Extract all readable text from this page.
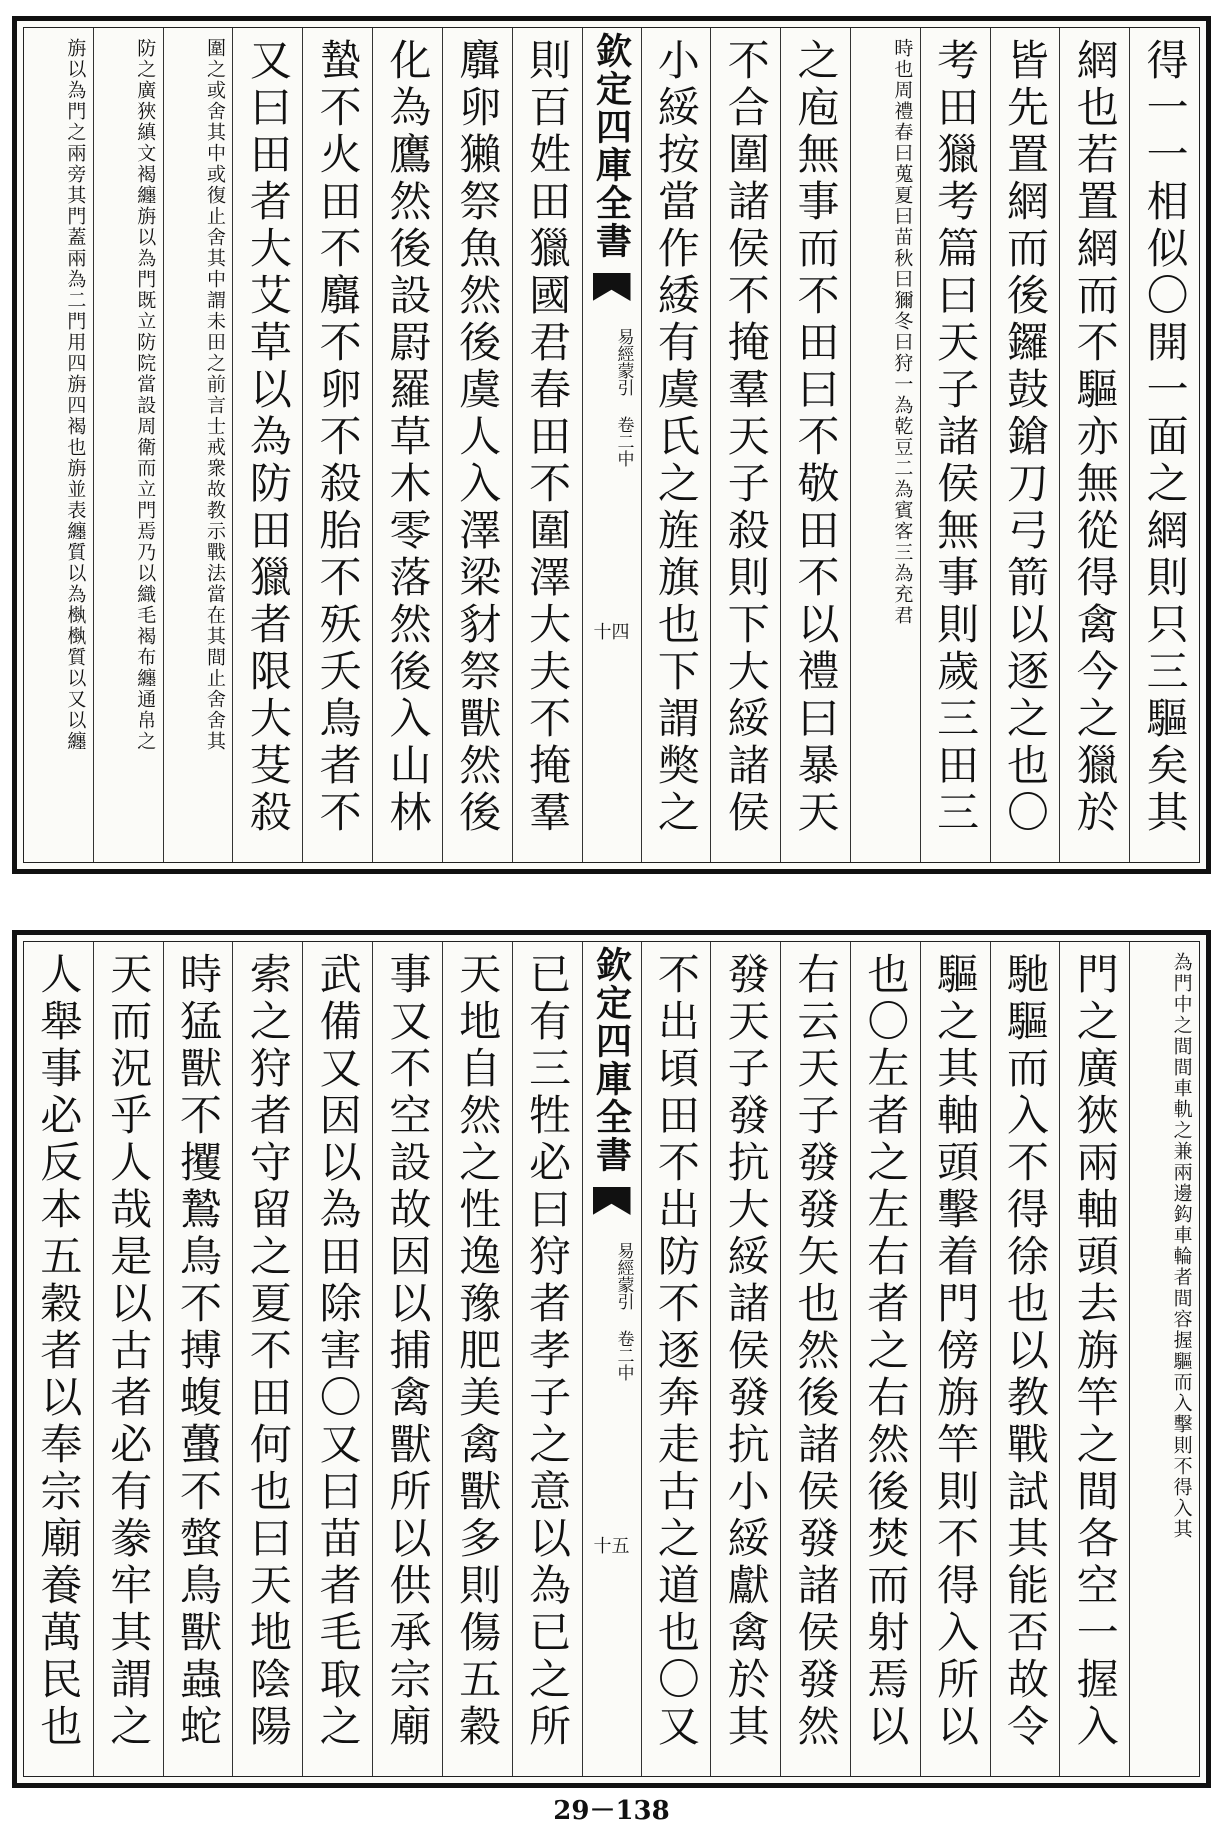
得一一相似〇開一面之網則只三驅矣其
網也若置網而不驅亦無從得禽今之獵於
皆先置網而後鑼鼓鎗刀弓箭以逐之也〇
考田獵考篇曰天子諸侯無事則歲三田三
時也周禮春曰蒐夏曰苗秋曰獮冬曰狩一為乾豆二為賓客三為充君
之庖無事而不田曰不敬田不以禮曰暴天
不合圍諸侯不掩羣天子殺則下大綏諸侯
小綏按當作緌有虞氏之旌旗也下謂獘之
欽定四庫全書
易經蒙引 卷二中
十四
則百姓田獵國君春田不圍澤大夫不掩羣
麛卵獺祭魚然後虞人入澤梁豺祭獸然後
化為鷹然後設罻羅草木零落然後入山林
蟄不火田不麛不卵不殺胎不殀夭鳥者不
又曰田者大艾草以為防田獵者限大芟殺
圍之或舍其中或復止舍其中謂未田之前言士戒衆故教示戰法當在其間止舍舍其
防之廣狹縝文褐纏旃以為門既立防院當設周衛而立門焉乃以織毛褐布纏通帛之
旃以為門之兩旁其門蓋兩為二門用四旃四褐也旃並表纏質以為槸槸質以又以纏
為門中之間間車軌之兼兩邊鈎車輪者間容握驅而入擊則不得入其
門之廣狹兩軸頭去旃竿之間各空一握入
馳驅而入不得徐也以教戰試其能否故令
驅之其軸頭擊着門傍旃竿則不得入所以
也〇左者之左右者之右然後焚而射焉以
右云天子發發矢也然後諸侯發諸侯發然
發天子發抗大綏諸侯發抗小綏獻禽於其
不出頃田不出防不逐奔走古之道也〇又
欽定四庫全書
易經蒙引 卷二中
十五
已有三牲必曰狩者孝子之意以為已之所
天地自然之性逸豫肥美禽獸多則傷五穀
事又不空設故因以捕禽獸所以供承宗廟
武備又因以為田除害〇又曰苗者毛取之
索之狩者守留之夏不田何也曰天地陰陽
時猛獸不攫鷙鳥不搏蝮蠆不螫鳥獸蟲蛇
天而況乎人哉是以古者必有豢牢其謂之
人舉事必反本五穀者以奉宗廟養萬民也
29－138
